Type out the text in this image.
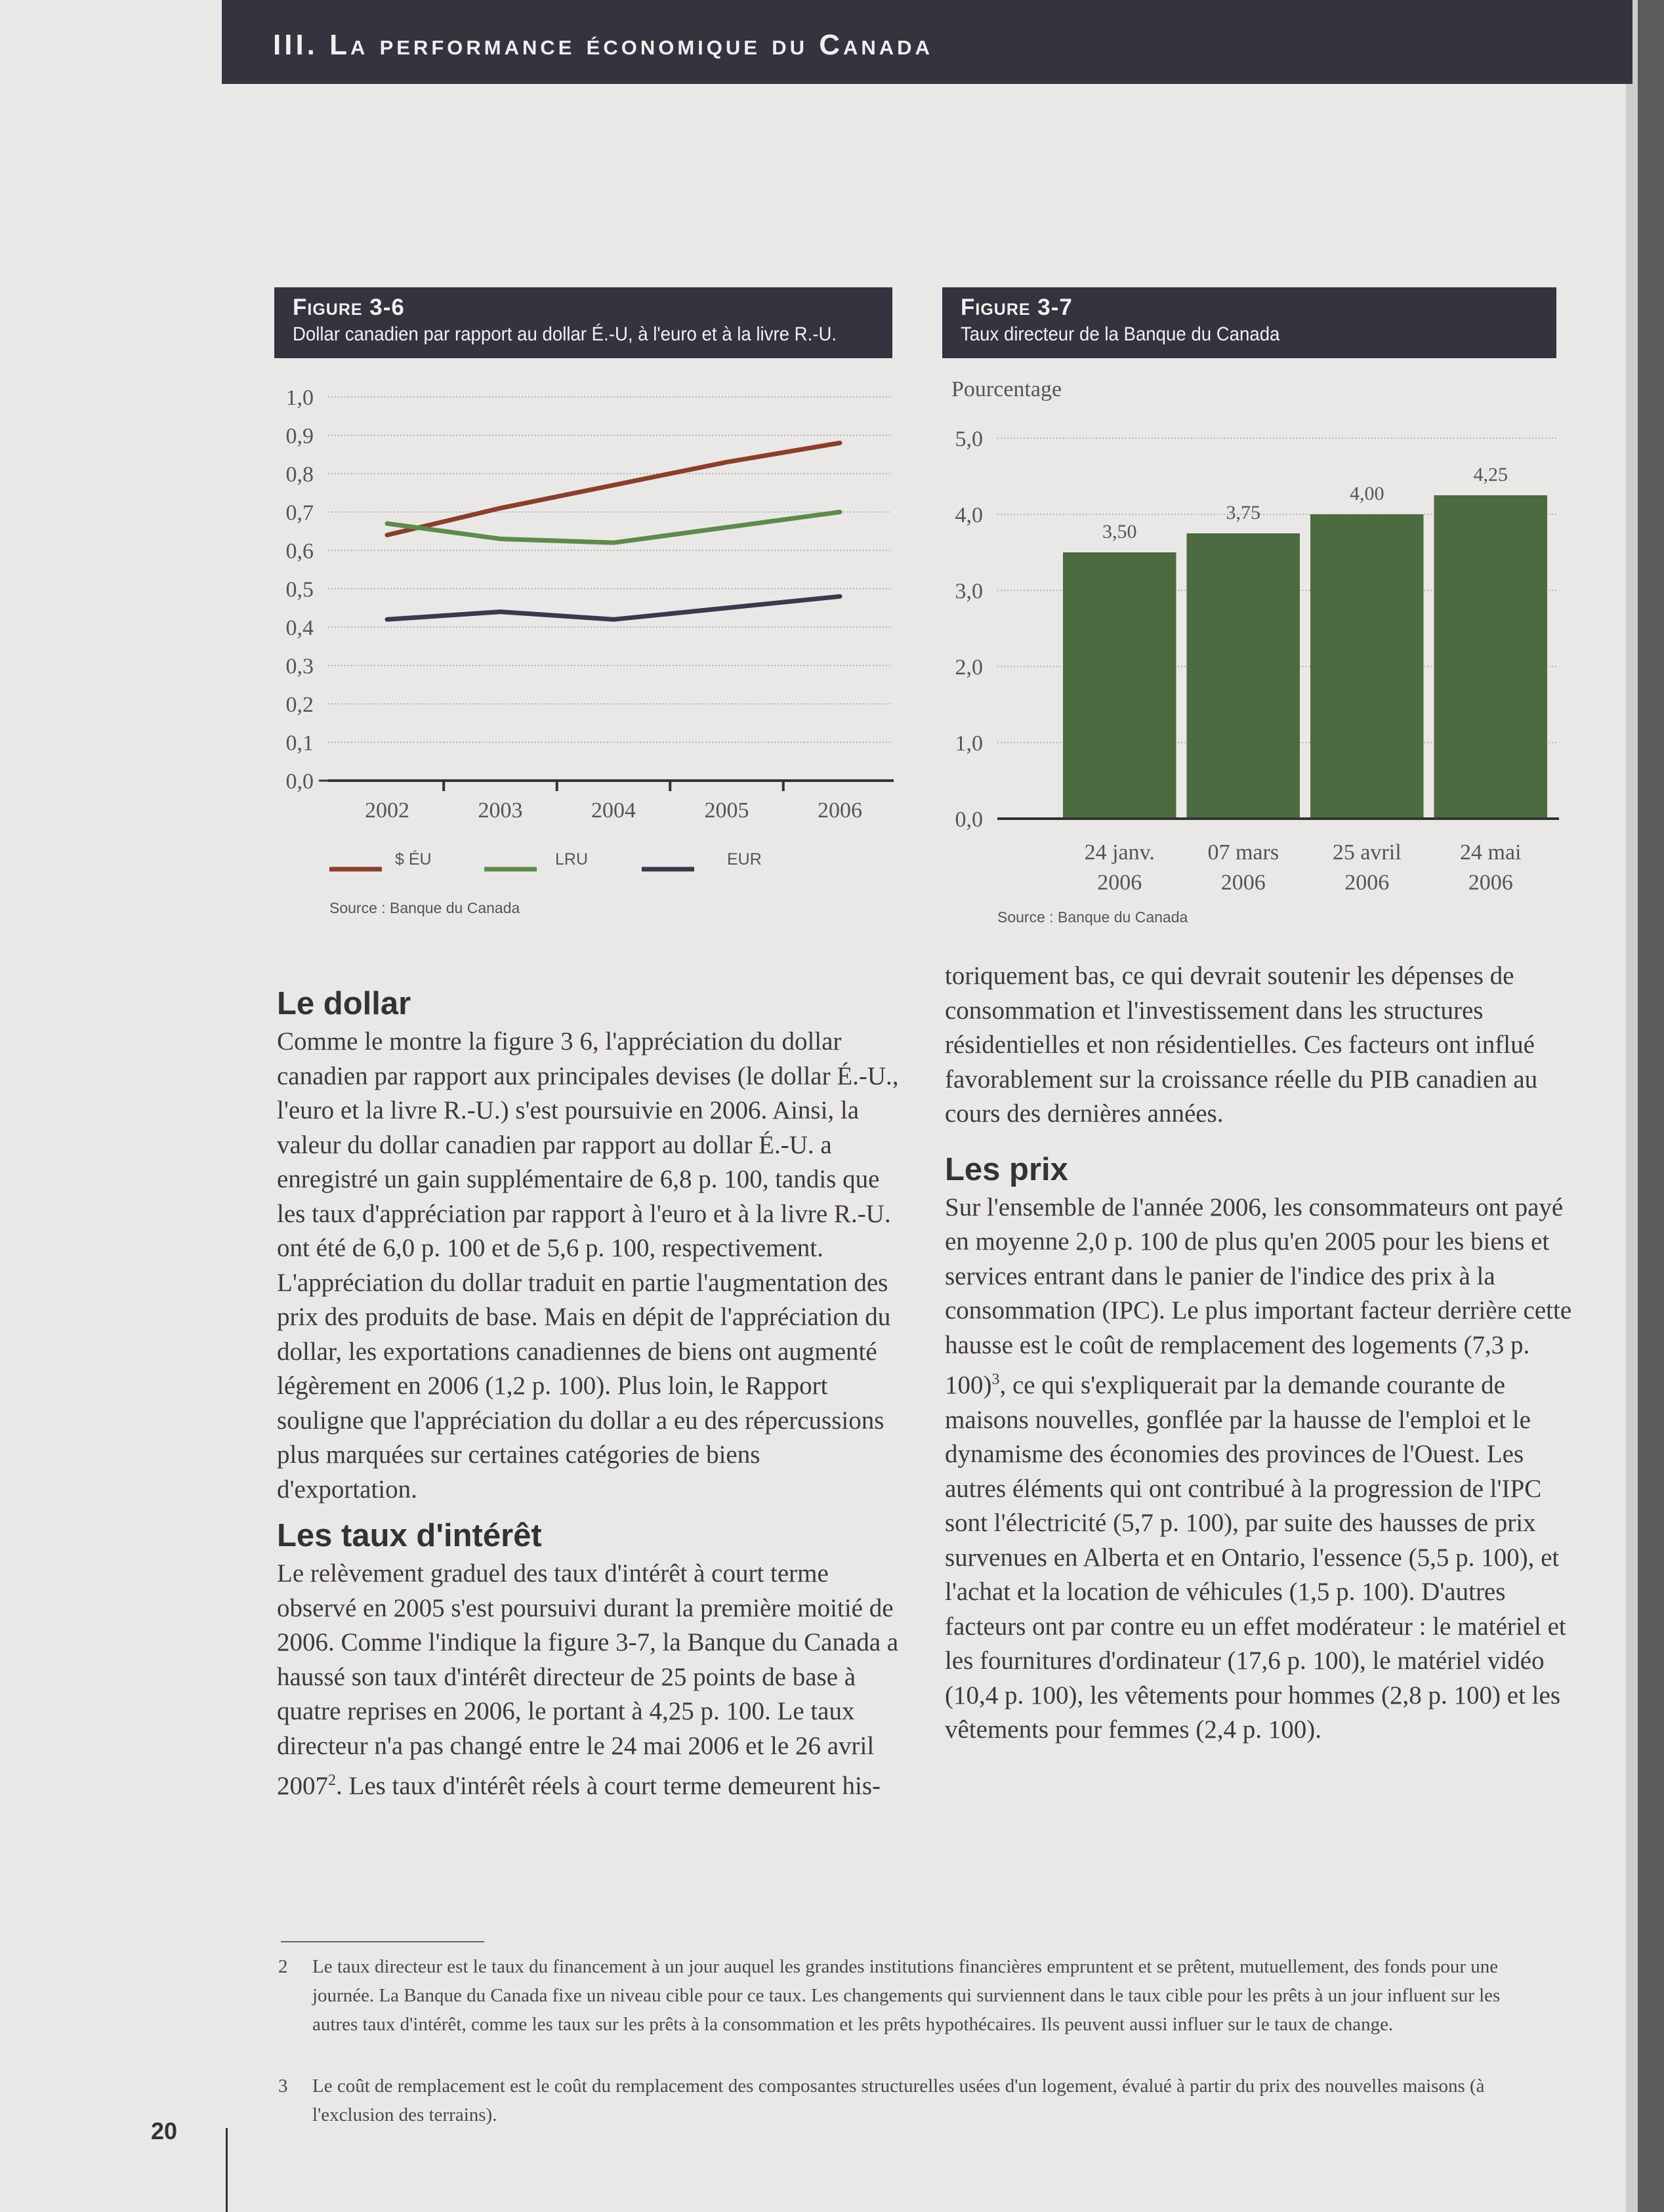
III. La performance économique du Canada
Figure 3-6
Dollar canadien par rapport au dollar É.-U, à l'euro et à la livre R.-U.
0,0
0,1
0,2
0,3
0,4
0,5
0,6
0,7
0,8
0,9
1,0
2002	2003	2004	2005	2006
$ ÉU	LRU	EUR
Source : Banque du Canada
Figure 3-7
Taux directeur de la Banque du Canada
Pourcentage
0,0
1,0
2,0
3,0
4,0
5,0
3,50
24 janv.
2006
3,75
07 mars
2006
4,00
25 avril
2006
4,25
24 mai
2006
Source : Banque du Canada
Le dollar

Comme le montre la figure 3 6, l'appréciation du dollar canadien par rapport aux principales devises (le dollar É.-U., l'euro et la livre R.-U.) s'est poursuivie en 2006. Ainsi, la valeur du dollar canadien par rapport au dollar É.-U. a enregistré un gain supplémentaire de 6,8 p. 100, tandis que les taux d'appréciation par rapport à l'euro et à la livre R.-U. ont été de 6,0 p. 100 et de 5,6 p. 100, respectivement. L'appréciation du dollar traduit en partie l'augmentation des prix des produits de base. Mais en dépit de l'appréciation du dollar, les exportations canadiennes de biens ont augmenté légèrement en 2006 (1,2 p. 100). Plus loin, le Rapport souligne que l'appréciation du dollar a eu des répercussions plus marquées sur certaines catégories de biens d'exportation.

Les taux d'intérêt

Le relèvement graduel des taux d'intérêt à court terme observé en 2005 s'est poursuivi durant la première moitié de 2006. Comme l'indique la figure 3-7, la Banque du Canada a haussé son taux d'intérêt directeur de 25 points de base à quatre reprises en 2006, le portant à 4,25 p. 100. Le taux directeur n'a pas changé entre le 24 mai 2006 et le 26 avril 2007$^2$. Les taux d'intérêt réels à court terme demeurent his-

toriquement bas, ce qui devrait soutenir les dépenses de consommation et l'investissement dans les structures résidentielles et non résidentielles. Ces facteurs ont influé favorablement sur la croissance réelle du PIB canadien au cours des dernières années.

Les prix

Sur l'ensemble de l'année 2006, les consommateurs ont payé en moyenne 2,0 p. 100 de plus qu'en 2005 pour les biens et services entrant dans le panier de l'indice des prix à la consommation (IPC). Le plus important facteur derrière cette hausse est le coût de remplacement des logements (7,3 p. 100)$^3$, ce qui s'expliquerait par la demande courante de maisons nouvelles, gonflée par la hausse de l'emploi et le dynamisme des économies des provinces de l'Ouest. Les autres éléments qui ont contribué à la progression de l'IPC sont l'électricité (5,7 p. 100), par suite des hausses de prix survenues en Alberta et en Ontario, l'essence (5,5 p. 100), et l'achat et la location de véhicules (1,5 p. 100). D'autres facteurs ont par contre eu un effet modérateur : le matériel et les fournitures d'ordinateur (17,6 p. 100), le matériel vidéo (10,4 p. 100), les vêtements pour hommes (2,8 p. 100) et les vêtements pour femmes (2,4 p. 100).

2 Le taux directeur est le taux du financement à un jour auquel les grandes institutions financières empruntent et se prêtent, mutuellement, des fonds pour une journée. La Banque du Canada fixe un niveau cible pour ce taux. Les changements qui surviennent dans le taux cible pour les prêts à un jour influent sur les autres taux d'intérêt, comme les taux sur les prêts à la consommation et les prêts hypothécaires. Ils peuvent aussi influer sur le taux de change.
3 Le coût de remplacement est le coût du remplacement des composantes structurelles usées d'un logement, évalué à partir du prix des nouvelles maisons (à l'exclusion des terrains).
20
